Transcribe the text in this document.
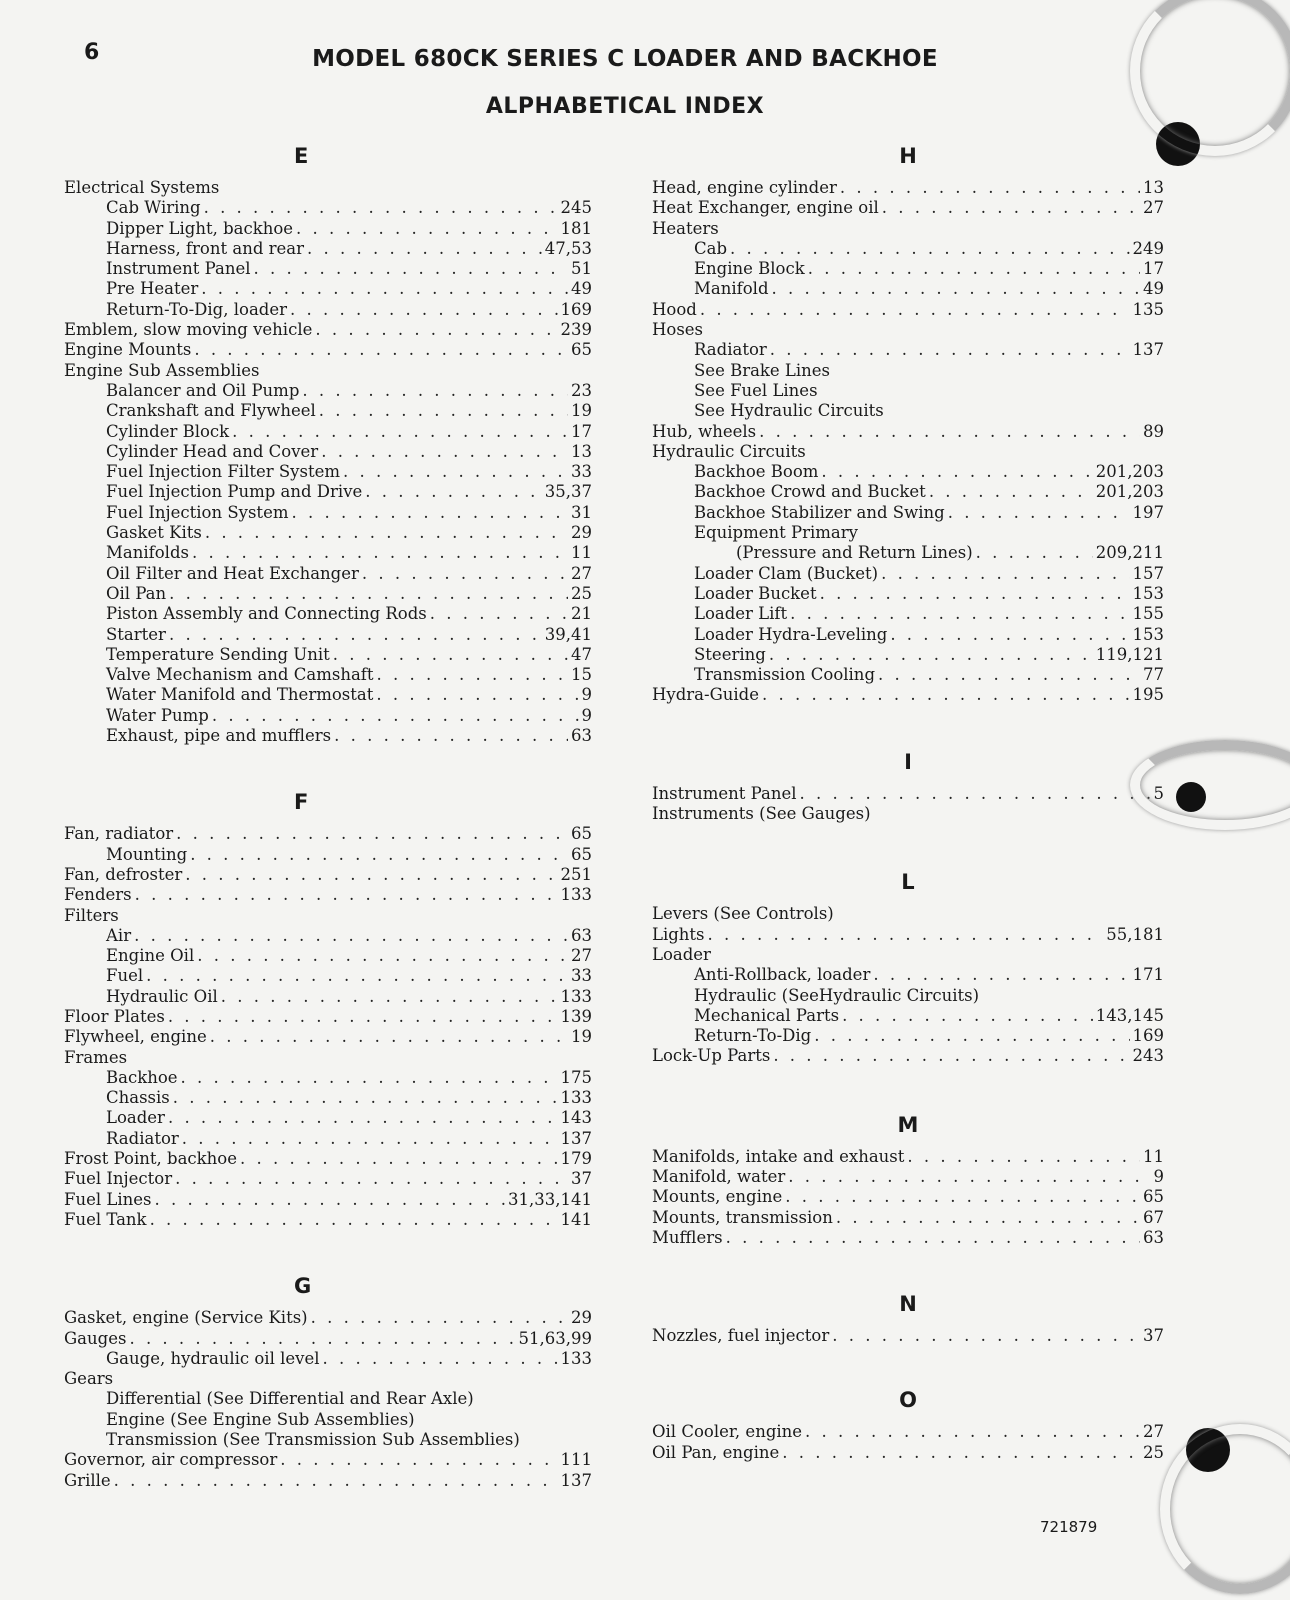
6	MODEL 680CK SERIES C LOADER AND BACKHOE
ALPHABETICAL INDEX
E
Electrical Systems
Cab Wiring . . .	245
Dipper Light, backhoe . . .	181
Harness, front and rear . . .	47,53
Instrument Panel . . .	51
Pre Heater . . .	49
Return-To-Dig, loader . . .	169
Emblem, slow moving vehicle . . .	239
Engine Mounts . . .	65
Engine Sub Assemblies
Balancer and Oil Pump . . .	23
Crankshaft and Flywheel . . .	19
Cylinder Block . . .	17
Cylinder Head and Cover . . .	13
Fuel Injection Filter System . . .	33
Fuel Injection Pump and Drive . . .	35,37
Fuel Injection System . . .	31
Gasket Kits . . .	29
Manifolds . . .	11
Oil Filter and Heat Exchanger . . .	27
Oil Pan . . .	25
Piston Assembly and Connecting Rods . . .	21
Starter . . .	39,41
Temperature Sending Unit . . .	47
Valve Mechanism and Camshaft . . .	15
Water Manifold and Thermostat . . .	9
Water Pump . . .	9
Exhaust, pipe and mufflers . . .	63
F
Fan, radiator . . .	65
Mounting . . .	65
Fan, defroster . . .	251
Fenders . . .	133
Filters
Air . . .	63
Engine Oil . . .	27
Fuel . . .	33
Hydraulic Oil . . .	133
Floor Plates . . .	139
Flywheel, engine . . .	19
Frames
Backhoe . . .	175
Chassis . . .	133
Loader . . .	143
Radiator . . .	137
Frost Point, backhoe . . .	179
Fuel Injector . . .	37
Fuel Lines . . .	31,33,141
Fuel Tank . . .	141
G
Gasket, engine (Service Kits) . . .	29
Gauges . . .	51,63,99
Gauge, hydraulic oil level . . .	133
Gears
Differential (See Differential and Rear Axle)
Engine (See Engine Sub Assemblies)
Transmission (See Transmission Sub Assemblies)
Governor, air compressor . . .	111
Grille . . .	137
H
Head, engine cylinder . . .	13
Heat Exchanger, engine oil . . .	27
Heaters
Cab . . .	249
Engine Block . . .	17
Manifold . . .	49
Hood . . .	135
Hoses
Radiator . . .	137
See Brake Lines
See Fuel Lines
See Hydraulic Circuits
Hub, wheels . . .	89
Hydraulic Circuits
Backhoe Boom . . .	201,203
Backhoe Crowd and Bucket . . .	201,203
Backhoe Stabilizer and Swing . . .	197
Equipment Primary
(Pressure and Return Lines) . . .	209,211
Loader Clam (Bucket) . . .	157
Loader Bucket . . .	153
Loader Lift . . .	155
Loader Hydra-Leveling . . .	153
Steering . . .	119,121
Transmission Cooling . . .	77
Hydra-Guide . . .	195
I
Instrument Panel . . .	5
Instruments (See Gauges)
L
Levers (See Controls)
Lights . . .	55,181
Loader
Anti-Rollback, loader . . .	171
Hydraulic (SeeHydraulic Circuits)
Mechanical Parts . . .	143,145
Return-To-Dig . . .	169
Lock-Up Parts . . .	243
M
Manifolds, intake and exhaust . . .	11
Manifold, water . . .	9
Mounts, engine . . .	65
Mounts, transmission . . .	67
Mufflers . . .	63
N
Nozzles, fuel injector . . .	37
O
Oil Cooler, engine . . .	27
Oil Pan, engine . . .	25
721879
